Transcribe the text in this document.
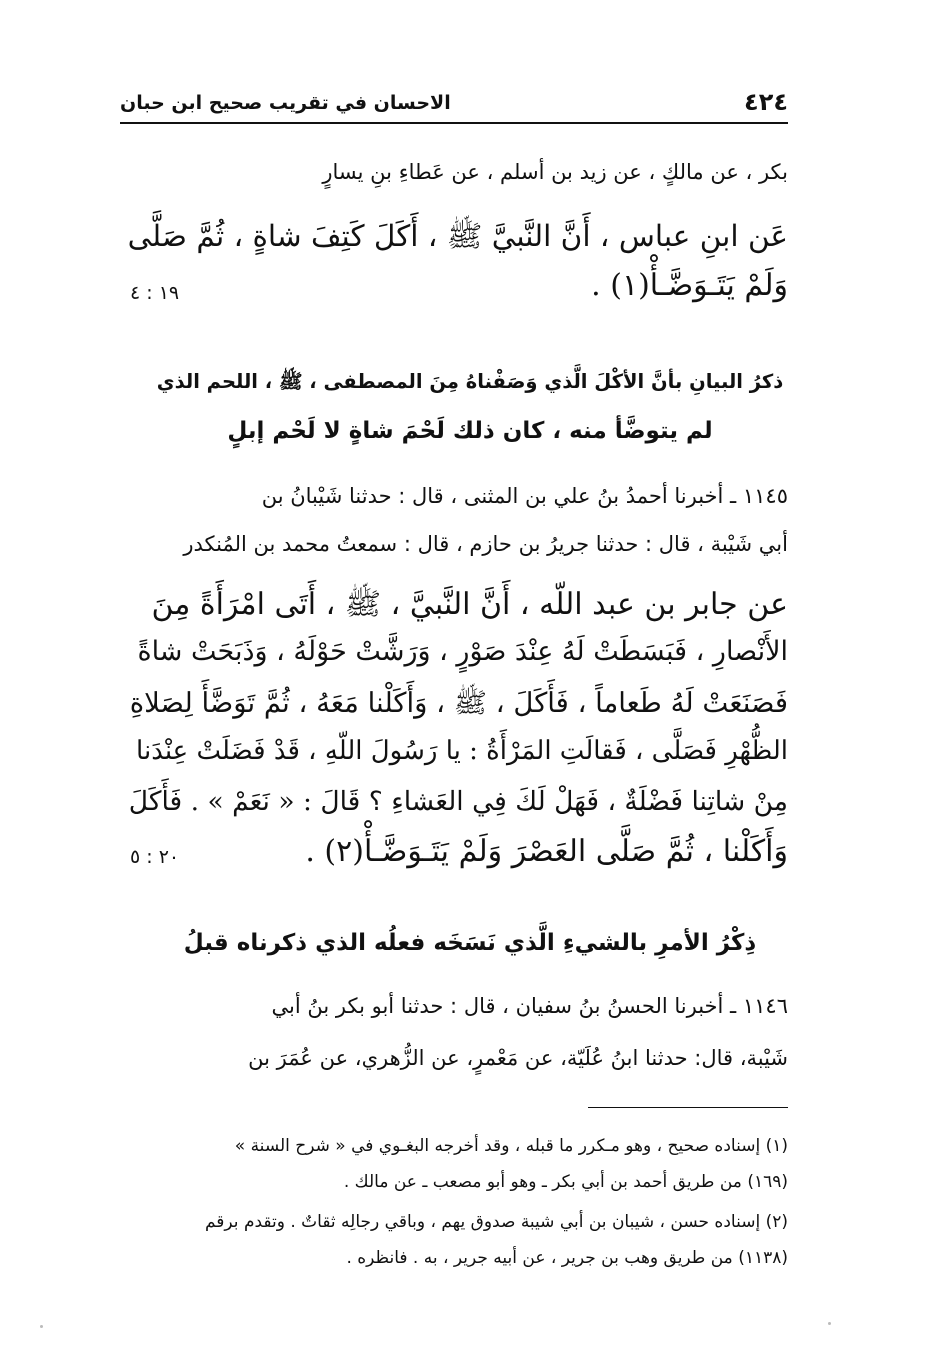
٤٢٤
الاحسان في تقريب صحيح ابن حبان
بكر ، عن مالكٍ ، عن زيد بن أسلم ، عن عَطاءِ بنِ يسارٍ
عَن ابنِ عباس ، أَنَّ النَّبيَّ ﷺ ، أَكَلَ كَتِفَ شاةٍ ، ثُمَّ صَلَّى
وَلَمْ يَتَـوَضَّـأْ(١) .
١٩ : ٤
ذكرُ البيانِ بأنَّ الأكْلَ الَّذي وَصَفْناهُ مِنَ المصطفى ، ﷺ ، اللحم الذي
لم يتوضَّأ منه ، كان ذلك لَحْمَ شاةٍ لا لَحْم إبلٍ
١١٤٥ ـ أخبرنا أحمدُ بنُ علي بن المثنى ، قال : حدثنا شَيْبانُ بن
أبي شَيْبة ، قال : حدثنا جريرُ بن حازم ، قال : سمعتُ محمد بن المُنكدر
عن جابر بن عبد اللّه ، أَنَّ النَّبيَّ ، ﷺ ، أَتَى امْرَأَةً مِنَ
الأَنْصارِ ، فَبَسَطَتْ لَهُ عِنْدَ صَوْرٍ ، وَرَشَّتْ حَوْلَهُ ، وَذَبَحَتْ شاةً
فَصَنَعَتْ لَهُ طَعاماً ، فَأَكَلَ ، ﷺ ، وَأَكَلْنا مَعَهُ ، ثُمَّ تَوَضَّأَ لِصَلاةِ
الظُّهْرِ فَصَلَّى ، فَقالَتِ المَرْأَةُ : يا رَسُولَ اللّهِ ، قَدْ فَضَلَتْ عِنْدَنا
مِنْ شاتِنا فَضْلَةٌ ، فَهَلْ لَكَ فِي العَشاءِ ؟ قَالَ : « نَعَمْ » . فَأَكَلَ
وَأَكَلْنا ، ثُمَّ صَلَّى العَصْرَ وَلَمْ يَتَـوَضَّـأْ(٢) .
٢٠ : ٥
ذِكْرُ الأمرِ بالشيءِ الَّذي نَسَخَه فعلُه الذي ذكرناه قبلُ
١١٤٦ ـ أخبرنا الحسنُ بنُ سفيان ، قال : حدثنا أبو بكر بنُ أبي
شَيْبة، قال: حدثنا ابنُ عُلَيّة، عن مَعْمرٍ، عن الزُّهري، عن عُمَرَ بن
(١) إسناده صحيح ، وهو مـكرر ما قبله ، وقد أخرجه البغـوي في « شرح السنة »
(١٦٩) من طريق أحمد بن أبي بكر ـ وهو أبو مصعب ـ عن مالك .
(٢) إسناده حسن ، شيبان بن أبي شيبة صدوق يهم ، وباقي رجالِه ثقاتٌ . وتقدم برقم
(١١٣٨) من طريق وهب بن جرير ، عن أبيه جرير ، به . فانظره .
